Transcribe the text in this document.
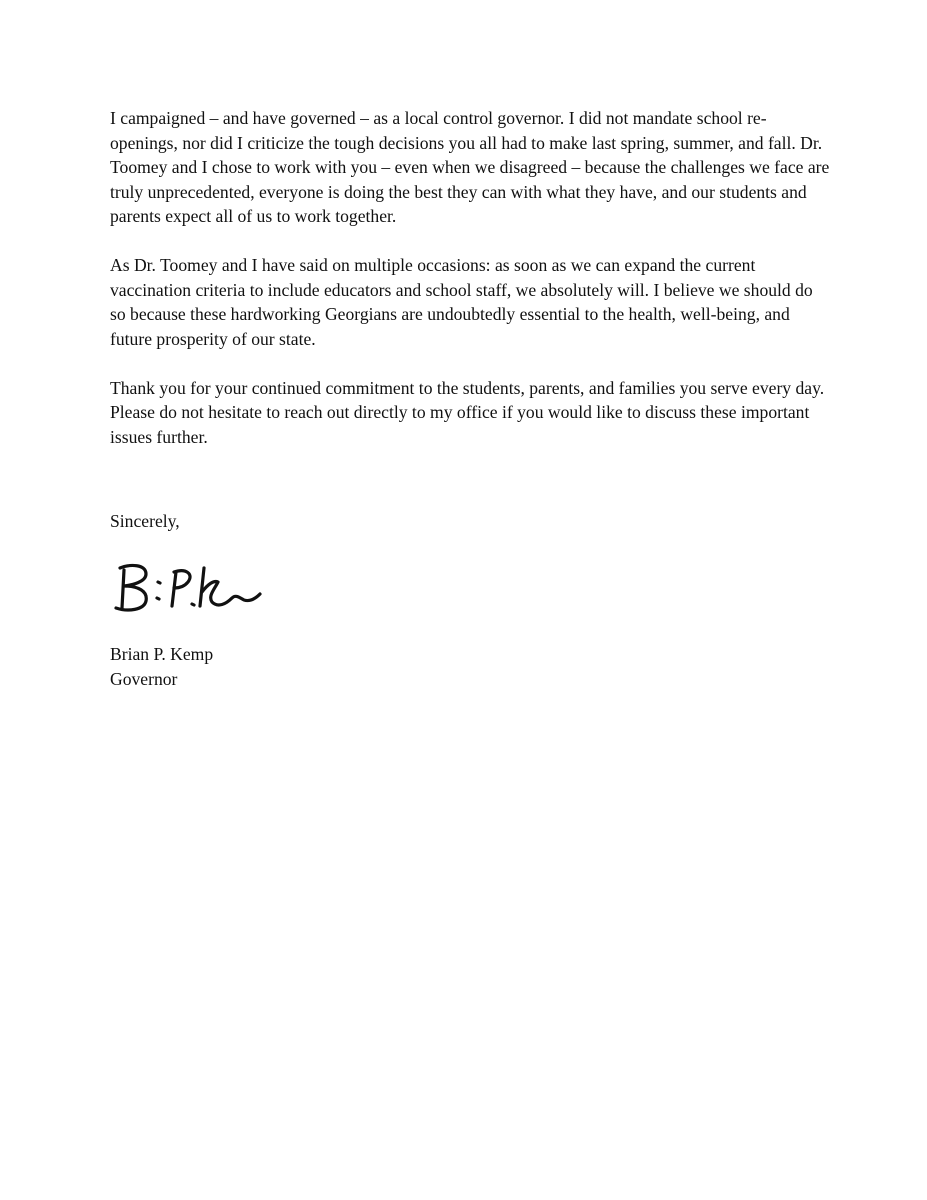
I campaigned – and have governed – as a local control governor. I did not mandate school re-openings, nor did I criticize the tough decisions you all had to make last spring, summer, and fall. Dr. Toomey and I chose to work with you – even when we disagreed – because the challenges we face are truly unprecedented, everyone is doing the best they can with what they have, and our students and parents expect all of us to work together.

As Dr. Toomey and I have said on multiple occasions: as soon as we can expand the current vaccination criteria to include educators and school staff, we absolutely will. I believe we should do so because these hardworking Georgians are undoubtedly essential to the health, well-being, and future prosperity of our state.

Thank you for your continued commitment to the students, parents, and families you serve every day. Please do not hesitate to reach out directly to my office if you would like to discuss these important issues further.

Sincerely,
Brian P. Kemp
Governor
